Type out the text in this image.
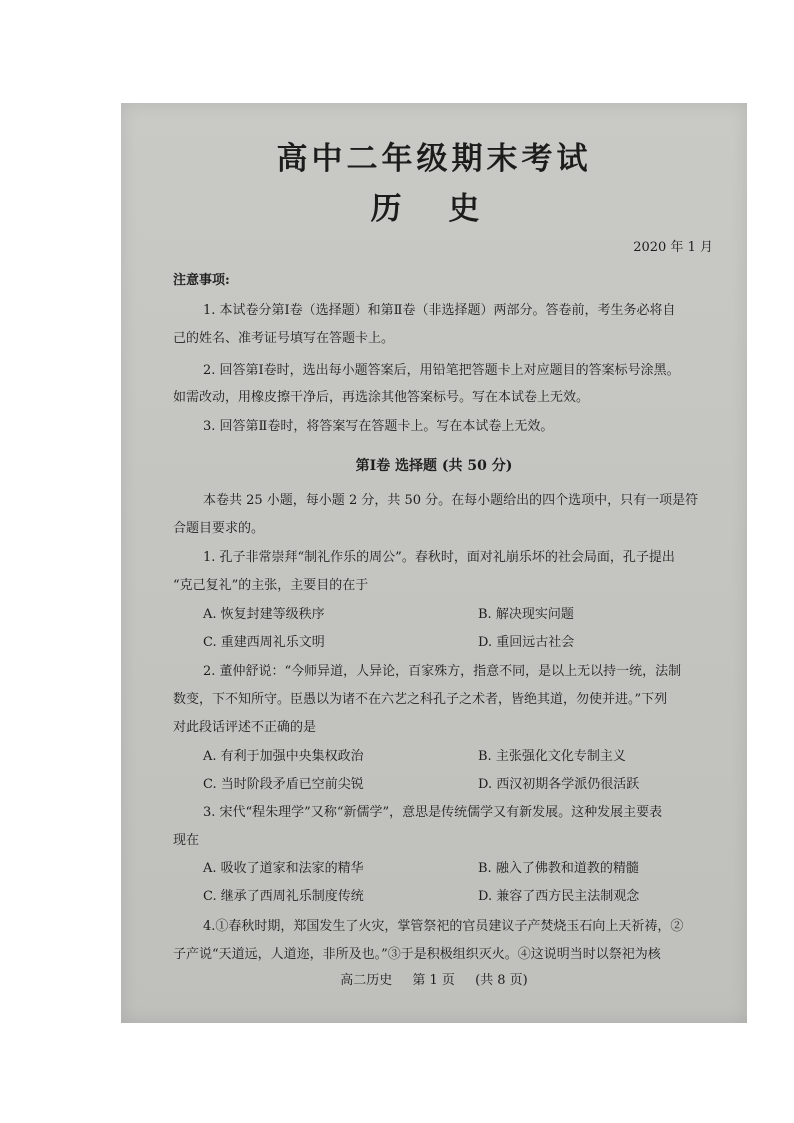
高中二年级期末考试
历 史
2020 年 1 月
注意事项:
1. 本试卷分第Ⅰ卷（选择题）和第Ⅱ卷（非选择题）两部分。答卷前，考生务必将自
己的姓名、准考证号填写在答题卡上。
2. 回答第Ⅰ卷时，选出每小题答案后，用铅笔把答题卡上对应题目的答案标号涂黑。
如需改动，用橡皮擦干净后，再选涂其他答案标号。写在本试卷上无效。
3. 回答第Ⅱ卷时，将答案写在答题卡上。写在本试卷上无效。
第Ⅰ卷 选择题 (共 50 分)
本卷共 25 小题，每小题 2 分，共 50 分。在每小题给出的四个选项中，只有一项是符
合题目要求的。
1. 孔子非常崇拜“制礼作乐的周公”。春秋时，面对礼崩乐坏的社会局面，孔子提出
“克己复礼”的主张，主要目的在于
A. 恢复封建等级秩序	B. 解决现实问题
C. 重建西周礼乐文明	D. 重回远古社会
2. 董仲舒说：“今师异道，人异论，百家殊方，指意不同，是以上无以持一统，法制
数变，下不知所守。臣愚以为诸不在六艺之科孔子之术者，皆绝其道，勿使并进。”下列
对此段话评述不正确的是
A. 有利于加强中央集权政治	B. 主张强化文化专制主义
C. 当时阶段矛盾已空前尖锐	D. 西汉初期各学派仍很活跃
3. 宋代“程朱理学”又称“新儒学”，意思是传统儒学又有新发展。这种发展主要表
现在
A. 吸收了道家和法家的精华	B. 融入了佛教和道教的精髓
C. 继承了西周礼乐制度传统	D. 兼容了西方民主法制观念
4.①春秋时期，郑国发生了火灾，掌管祭祀的官员建议子产焚烧玉石向上天祈祷，②
子产说“天道远，人道迩，非所及也。”③于是积极组织灭火。④这说明当时以祭祀为核
高二历史 第 1 页 (共 8 页)
